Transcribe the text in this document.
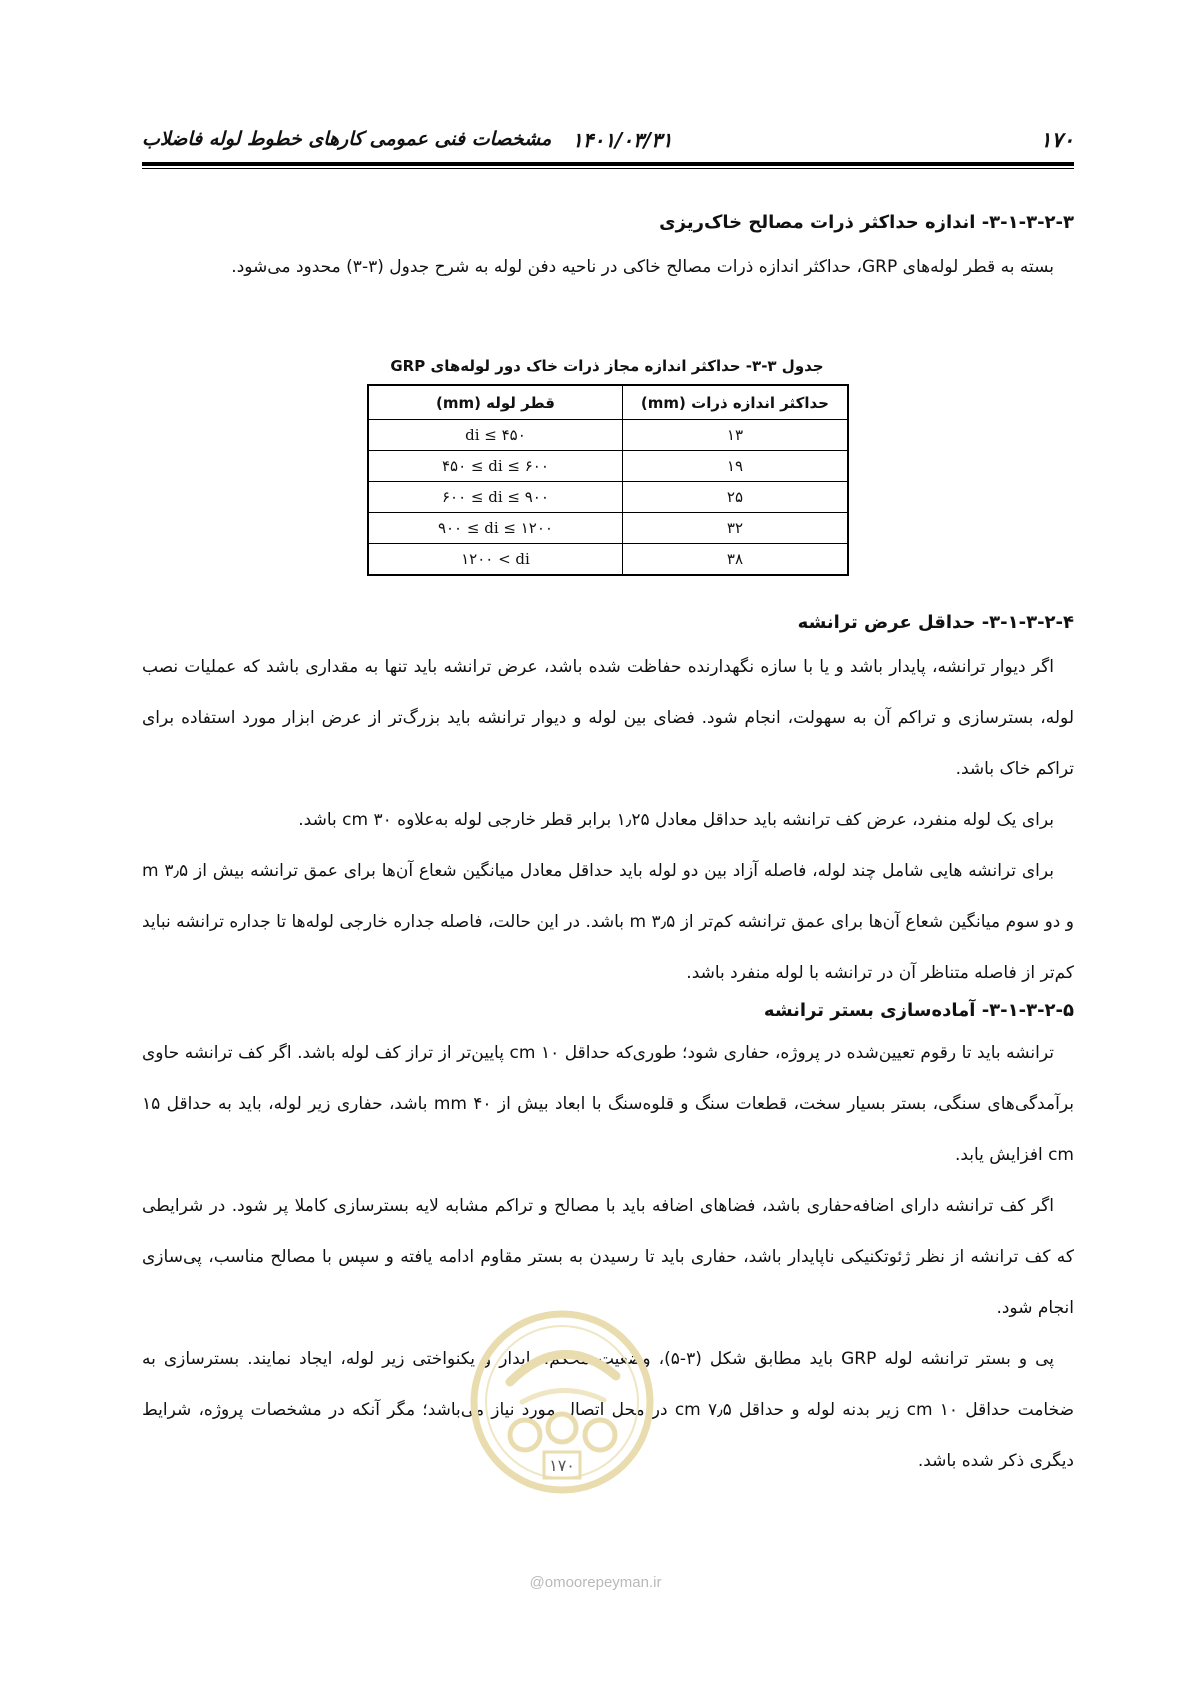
۱۷۰
۱۴۰۱/۰۳/۳۱
مشخصات فنی عمومی کارهای خطوط لوله فاضلاب
۳-۱-۳-۲-۳- اندازه حداکثر ذرات مصالح خاک‌ریزی

بسته به قطر لوله‌های GRP، حداکثر اندازه ذرات مصالح خاکی در ناحیه دفن لوله به شرح جدول (۳-۳) محدود می‌شود.

جدول ۳-۳- حداکثر اندازه مجاز ذرات خاک دور لوله‌های GRP
حداکثر اندازه ذرات (mm)	قطر لوله (mm)
۱۳	di ≤ ۴۵۰
۱۹	۴۵۰ ≤ di ≤ ۶۰۰
۲۵	۶۰۰ ≤ di ≤ ۹۰۰
۳۲	۹۰۰ ≤ di ≤ ۱۲۰۰
۳۸	۱۲۰۰ < di
۳-۱-۳-۲-۴- حداقل عرض ترانشه

اگر دیوار ترانشه، پایدار باشد و یا با سازه نگهدارنده حفاظت شده باشد، عرض ترانشه باید تنها به مقداری باشد که عملیات نصب لوله، بسترسازی و تراکم آن به سهولت، انجام شود. فضای بین لوله و دیوار ترانشه باید بزرگ‌تر از عرض ابزار مورد استفاده برای تراکم خاک باشد.

برای یک لوله منفرد، عرض کف ترانشه باید حداقل معادل ۱٫۲۵ برابر قطر خارجی لوله به‌علاوه ۳۰ cm باشد.

برای ترانشه هایی شامل چند لوله، فاصله آزاد بین دو لوله باید حداقل معادل میانگین شعاع آن‌ها برای عمق ترانشه بیش از ۳٫۵ m و دو سوم میانگین شعاع آن‌ها برای عمق ترانشه کم‌تر از ۳٫۵ m باشد. در این حالت، فاصله جداره خارجی لوله‌ها تا جداره ترانشه نباید کم‌تر از فاصله متناظر آن در ترانشه با لوله منفرد باشد.

۳-۱-۳-۲-۵- آماده‌سازی بستر ترانشه

ترانشه باید تا رقوم تعیین‌شده در پروژه، حفاری شود؛ طوری‌که حداقل ۱۰ cm پایین‌تر از تراز کف لوله باشد. اگر کف ترانشه حاوی برآمدگی‌های سنگی، بستر بسیار سخت، قطعات سنگ و قلوه‌سنگ با ابعاد بیش از ۴۰ mm باشد، حفاری زیر لوله، باید به حداقل ۱۵ cm افزایش یابد.

اگر کف ترانشه دارای اضافه‌حفاری باشد، فضاهای اضافه باید با مصالح و تراکم مشابه لایه بسترسازی کاملا پر شود. در شرایطی که کف ترانشه از نظر ژئوتکنیکی ناپایدار باشد، حفاری باید تا رسیدن به بستر مقاوم ادامه یافته و سپس با مصالح مناسب، پی‌سازی انجام شود.

پی و بستر ترانشه لوله GRP باید مطابق شکل (۳-۵)، وضعیت محکم، پایدار و یکنواختی زیر لوله، ایجاد نمایند. بسترسازی به ضخامت حداقل ۱۰ cm زیر بدنه لوله و حداقل ۷٫۵ cm در محل اتصال مورد نیاز می‌باشد؛ مگر آنکه در مشخصات پروژه، شرایط دیگری ذکر شده باشد.

۱۷۰
@omoorepeyman.ir
